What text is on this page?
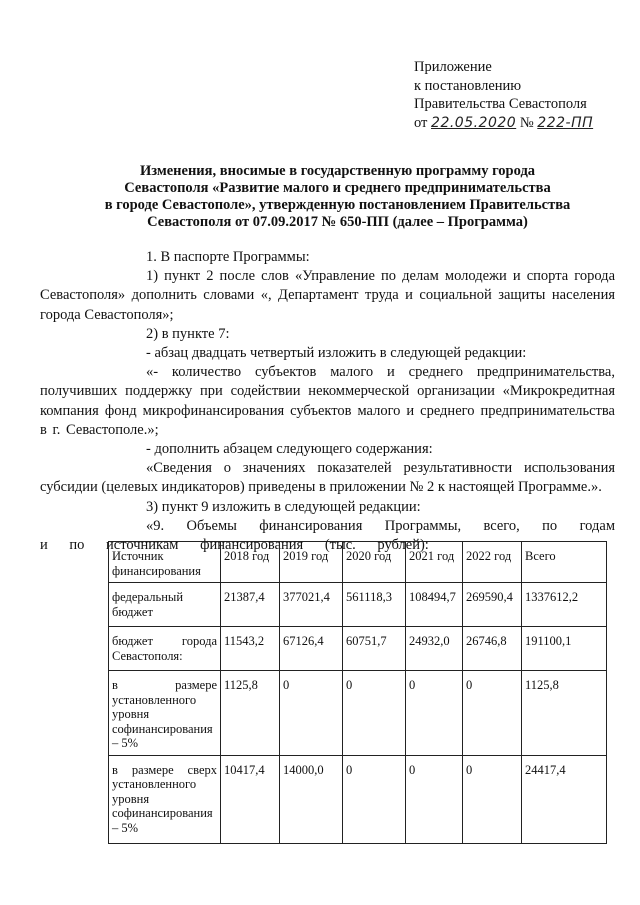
Приложение
к постановлению
Правительства Севастополя
от 22.05.2020 № 222-ПП
Изменения, вносимые в государственную программу города
Севастополя «Развитие малого и среднего предпринимательства
в городе Севастополе», утвержденную постановлением Правительства
Севастополя от 07.09.2017 № 650-ПП (далее – Программа)

1. В паспорте Программы:

1) пункт 2 после слов «Управление по делам молодежи и спорта города Севастополя» дополнить словами «, Департамент труда и социальной защиты населения города Севастополя»;

2) в пункте 7:

- абзац двадцать четвертый изложить в следующей редакции:

«- количество субъектов малого и среднего предпринимательства, получивших поддержку при содействии некоммерческой организации «Микрокредитная компания фонд микрофинансирования субъектов малого и среднего предпринимательства в г. Севастополе.»;

- дополнить абзацем следующего содержания:

«Сведения о значениях показателей результативности использования субсидии (целевых индикаторов) приведены в приложении № 2 к настоящей Программе.».

3) пункт 9 изложить в следующей редакции:

«9. Объемы финансирования Программы, всего, по годам и по источникам финансирования (тыс. рублей):

Источник финансирования	2018 год	2019 год	2020 год	2021 год	2022 год	Всего
федеральный бюджет	21387,4	377021,4	561118,3	108494,7	269590,4	1337612,2

бюджет города Севастополя:	11543,2	67126,4	60751,7	24932,0	26746,8	191100,1
в размере установленного уровня софинансирования – 5%	1125,8	0	0	0	0	1125,8
в размере сверх установленного уровня софинансирования – 5%	10417,4	14000,0	0	0	0	24417,4
